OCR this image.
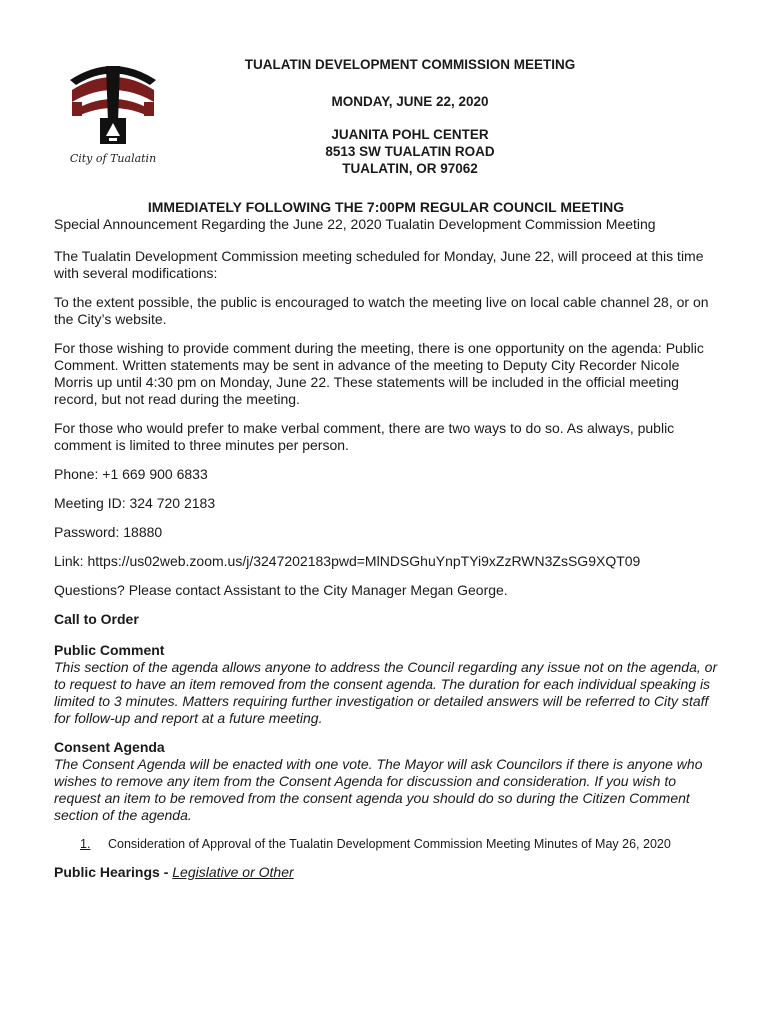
City of Tualatin
TUALATIN DEVELOPMENT COMMISSION MEETING
MONDAY, JUNE 22, 2020
JUANITA POHL CENTER
8513 SW TUALATIN ROAD
TUALATIN, OR 97062

IMMEDIATELY FOLLOWING THE 7:00PM REGULAR COUNCIL MEETING

Special Announcement Regarding the June 22, 2020 Tualatin Development Commission Meeting

The Tualatin Development Commission meeting scheduled for Monday, June 22, will proceed at this time with several modifications:

To the extent possible, the public is encouraged to watch the meeting live on local cable channel 28, or on the City’s website.

For those wishing to provide comment during the meeting, there is one opportunity on the agenda: Public Comment. Written statements may be sent in advance of the meeting to Deputy City Recorder Nicole Morris up until 4:30 pm on Monday, June 22. These statements will be included in the official meeting record, but not read during the meeting.

For those who would prefer to make verbal comment, there are two ways to do so. As always, public comment is limited to three minutes per person.

Phone: +1 669 900 6833

Meeting ID: 324 720 2183

Password: 18880

Link: https://us02web.zoom.us/j/3247202183pwd=MlNDSGhuYnpTYi9xZzRWN3ZsSG9XQT09

Questions? Please contact Assistant to the City Manager Megan George.

Call to Order

Public Comment

This section of the agenda allows anyone to address the Council regarding any issue not on the agenda, or to request to have an item removed from the consent agenda. The duration for each individual speaking is limited to 3 minutes. Matters requiring further investigation or detailed answers will be referred to City staff for follow-up and report at a future meeting.

Consent Agenda

The Consent Agenda will be enacted with one vote. The Mayor will ask Councilors if there is anyone who wishes to remove any item from the Consent Agenda for discussion and consideration. If you wish to request an item to be removed from the consent agenda you should do so during the Citizen Comment section of the agenda.

1.	Consideration of Approval of the Tualatin Development Commission Meeting Minutes of May 26, 2020

Public Hearings - Legislative or Other
